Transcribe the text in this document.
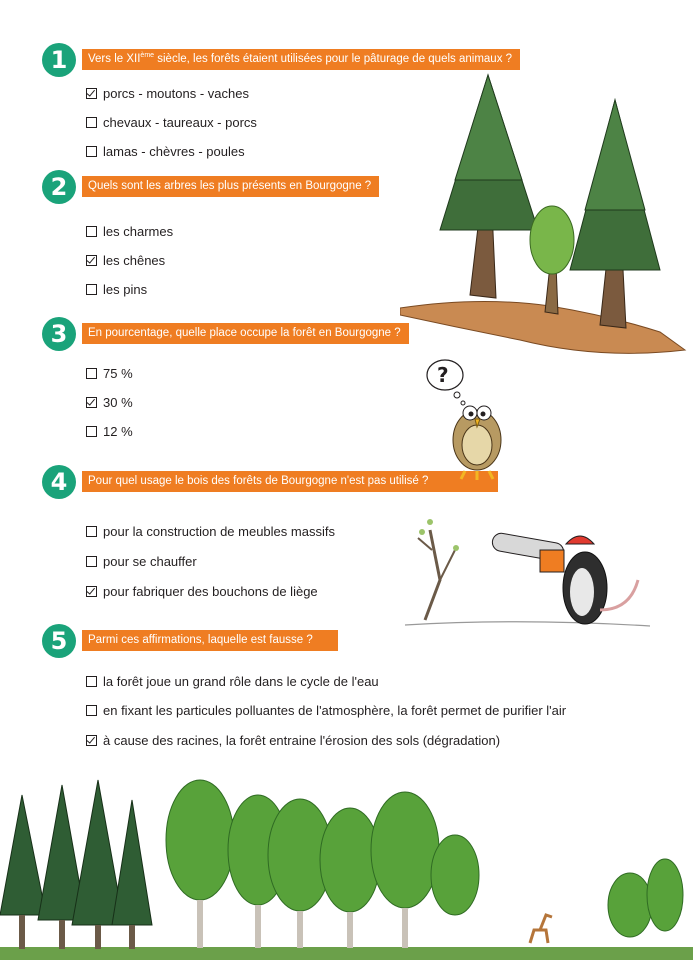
1	Vers le XIIème siècle, les forêts étaient utilisées pour le pâturage de quels animaux ?
porcs - moutons - vaches
chevaux - taureaux - porcs
lamas - chèvres - poules
2	Quels sont les arbres les plus présents en Bourgogne ?
les charmes
les chênes
les pins
3	En pourcentage, quelle place occupe la forêt en Bourgogne ?
75 %
30 %
12 %
4	Pour quel usage le bois des forêts de Bourgogne n'est pas utilisé ?
pour la construction de meubles massifs
pour se chauffer
pour fabriquer des bouchons de liège
5	Parmi ces affirmations, laquelle est fausse ?
la forêt joue un grand rôle dans le cycle de l'eau
en fixant les particules polluantes de l'atmosphère, la forêt permet de purifier l'air
à cause des racines, la forêt entraine l'érosion des sols (dégradation)
?
